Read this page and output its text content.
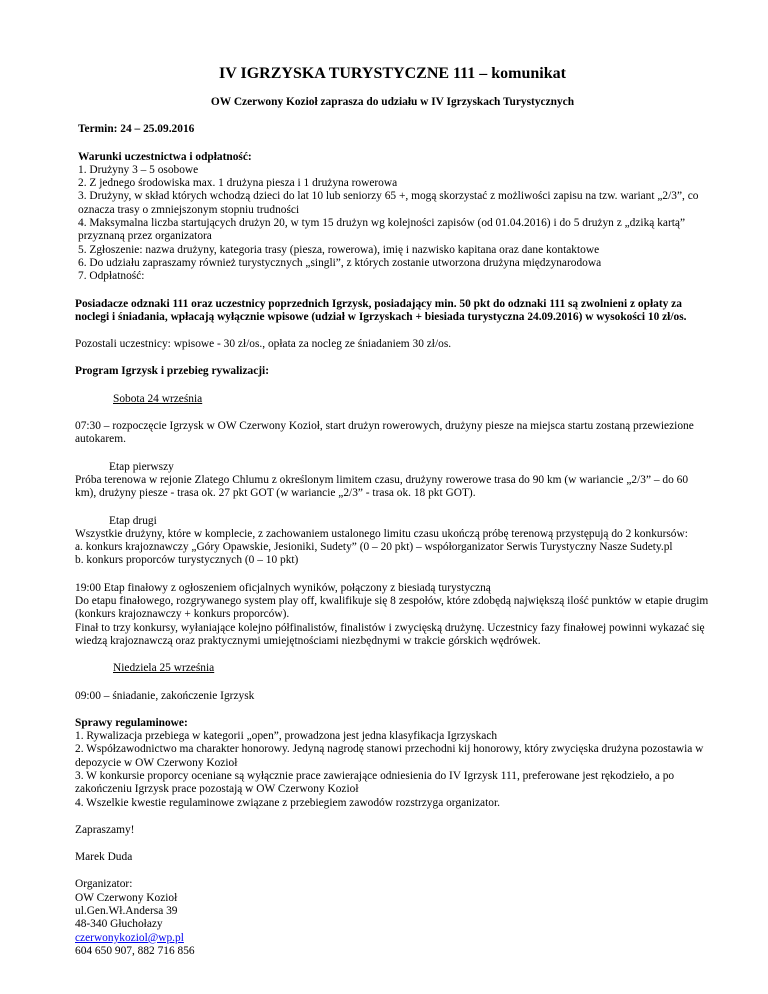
IV IGRZYSKA TURYSTYCZNE 111 – komunikat

OW Czerwony Kozioł zaprasza do udziału w IV Igrzyskach Turystycznych

Termin: 24 – 25.09.2016

Warunki uczestnictwa i odpłatność:

1. Drużyny 3 – 5 osobowe
2. Z jednego środowiska max. 1 drużyna piesza i 1 drużyna rowerowa
3. Drużyny, w skład których wchodzą dzieci do lat 10 lub seniorzy 65 +, mogą skorzystać z możliwości zapisu na tzw. wariant „2/3”, co oznacza trasy o zmniejszonym stopniu trudności
4. Maksymalna liczba startujących drużyn 20, w tym 15 drużyn wg kolejności zapisów (od 01.04.2016) i do 5 drużyn z „dziką kartą” przyznaną przez organizatora
5. Zgłoszenie: nazwa drużyny, kategoria trasy (piesza, rowerowa), imię i nazwisko kapitana oraz dane kontaktowe
6. Do udziału zapraszamy również turystycznych „singli”, z których zostanie utworzona drużyna międzynarodowa
7. Odpłatność:

Posiadacze odznaki 111 oraz uczestnicy poprzednich Igrzysk, posiadający min. 50 pkt do odznaki 111 są zwolnieni z opłaty za noclegi i śniadania, wpłacają wyłącznie wpisowe (udział w Igrzyskach + biesiada turystyczna 24.09.2016) w wysokości 10 zł/os.

Pozostali uczestnicy: wpisowe - 30 zł/os., opłata za nocleg ze śniadaniem 30 zł/os.

Program Igrzysk i przebieg rywalizacji:

Sobota 24 września

07:30 – rozpoczęcie Igrzysk w OW Czerwony Kozioł, start drużyn rowerowych, drużyny piesze na miejsca startu zostaną przewiezione autokarem.

Etap pierwszy

Próba terenowa w rejonie Zlatego Chlumu z określonym limitem czasu, drużyny rowerowe trasa do 90 km (w wariancie „2/3” – do 60 km), drużyny piesze - trasa ok. 27 pkt GOT (w wariancie „2/3” - trasa ok. 18 pkt GOT).

Etap drugi

Wszystkie drużyny, które w komplecie, z zachowaniem ustalonego limitu czasu ukończą próbę terenową przystępują do 2 konkursów:
a. konkurs krajoznawczy „Góry Opawskie, Jesioniki, Sudety” (0 – 20 pkt) – współorganizator Serwis Turystyczny Nasze Sudety.pl
b. konkurs proporców turystycznych (0 – 10 pkt)
19:00 Etap finałowy z ogłoszeniem oficjalnych wyników, połączony z biesiadą turystyczną
Do etapu finałowego, rozgrywanego system play off, kwalifikuje się 8 zespołów, które zdobędą największą ilość punktów w etapie drugim (konkurs krajoznawczy + konkurs proporców).
Finał to trzy konkursy, wyłaniające kolejno półfinalistów, finalistów i zwycięską drużynę. Uczestnicy fazy finałowej powinni wykazać się wiedzą krajoznawczą oraz praktycznymi umiejętnościami niezbędnymi w trakcie górskich wędrówek.

Niedziela 25 września

09:00 – śniadanie, zakończenie Igrzysk

Sprawy regulaminowe:
1. Rywalizacja przebiega w kategorii „open”, prowadzona jest jedna klasyfikacja Igrzyskach
2. Współzawodnictwo ma charakter honorowy. Jedyną nagrodę stanowi przechodni kij honorowy, który zwycięska drużyna pozostawia w depozycie w OW Czerwony Kozioł
3. W konkursie proporcy oceniane są wyłącznie prace zawierające odniesienia do IV Igrzysk 111, preferowane jest rękodzieło, a po zakończeniu Igrzysk prace pozostają w OW Czerwony Kozioł
4. Wszelkie kwestie regulaminowe związane z przebiegiem zawodów rozstrzyga organizator.

Zapraszamy!

Marek Duda

Organizator:
OW Czerwony Kozioł
ul.Gen.Wł.Andersa 39
48-340 Głuchołazy
czerwonykoziol@wp.pl
604 650 907, 882 716 856
